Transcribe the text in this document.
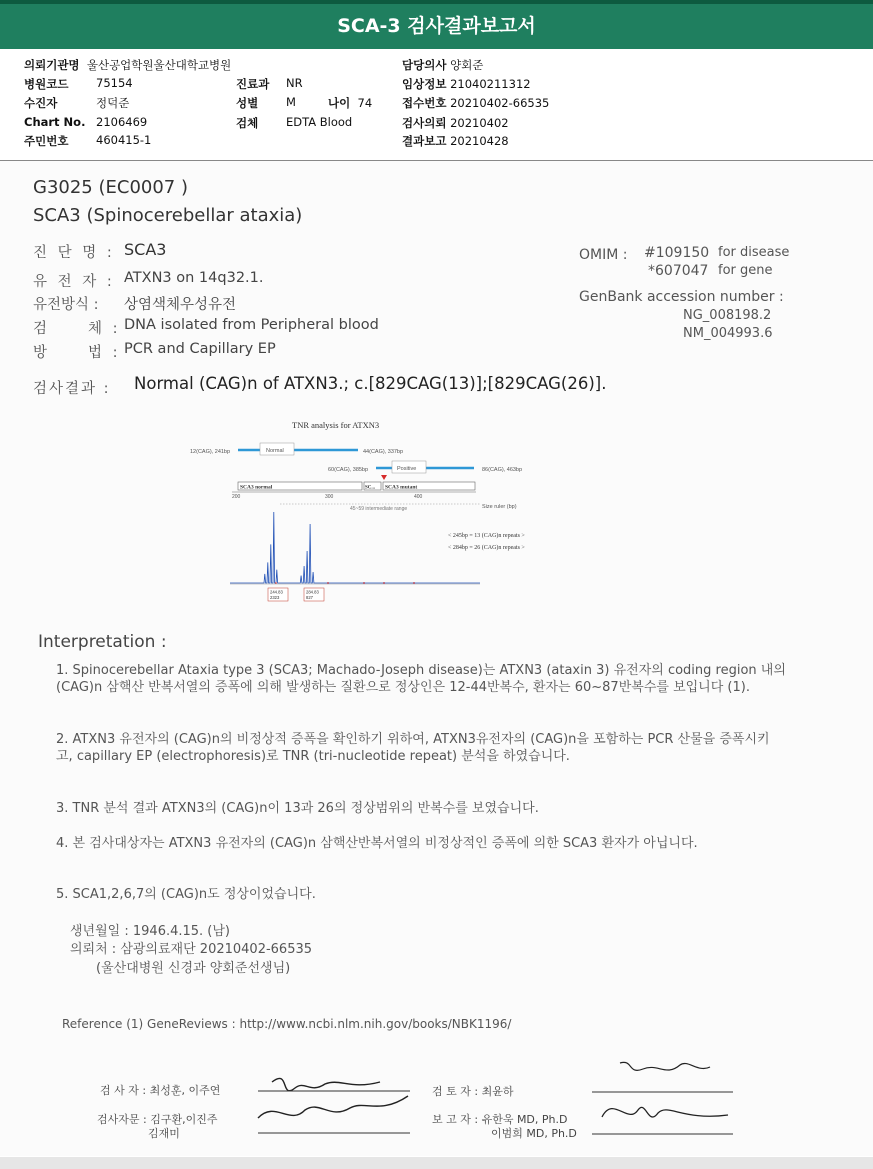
SCA-3 검사결과보고서
의뢰기관명 울산공업학원울산대학교병원
병원코드 75154
수진자	정덕준
Chart No. 2106469
주민번호 460415-1
진료과 NR
성별 M	나이 74
검체 EDTA Blood
담당의사 양회준
임상정보 21040211312
접수번호 20210402-66535
검사의뢰 20210402
결과보고 20210428
G3025 (EC0007 )
SCA3 (Spinocerebellar ataxia)
진 단 명 : SCA3
유 전 자 : ATXN3 on 14q32.1.
유전방식 : 상염색체우성유전
검     체 : DNA isolated from Peripheral blood
방     법 : PCR and Capillary EP
OMIM : #109150 for disease
*607047 for gene
GenBank accession number :
NG_008198.2
NM_004993.6
검사결과 : Normal (CAG)n of ATXN3.; c.[829CAG(13)];[829CAG(26)].
TNR analysis for ATXN3
12(CAG), 241bp	Normal	44(CAG), 337bp
60(CAG), 385bp	Positive	86(CAG), 463bp
SCA3 normal	SC... SCA3 mutant
200	300	400
Size ruler (bp)
45~59 intermediate range
< 245bp = 13 (CAG)n repeats >
< 284bp = 26 (CAG)n repeats >
244.83
2323
284.83
827
Interpretation :
1. Spinocerebellar Ataxia type 3 (SCA3; Machado-Joseph disease)는 ATXN3 (ataxin 3) 유전자의 coding region 내의 (CAG)n 삼핵산 반복서열의 증폭에 의해 발생하는 질환으로 정상인은 12-44반복수, 환자는 60~87반복수를 보입니다 (1).
2. ATXN3 유전자의 (CAG)n의 비정상적 증폭을 확인하기 위하여, ATXN3유전자의 (CAG)n을 포함하는 PCR 산물을 증폭시키고, capillary EP (electrophoresis)로 TNR (tri-nucleotide repeat) 분석을 하였습니다.
3. TNR 분석 결과 ATXN3의 (CAG)n이 13과 26의 정상범위의 반복수를 보였습니다.
4. 본 검사대상자는 ATXN3 유전자의 (CAG)n 삼핵산반복서열의 비정상적인 증폭에 의한 SCA3 환자가 아닙니다.
5. SCA1,2,6,7의 (CAG)n도 정상이었습니다.
생년월일 : 1946.4.15. (남)
의뢰처 : 삼광의료재단 20210402-66535
(울산대병원 신경과 양회준선생님)
Reference (1) GeneReviews : http://www.ncbi.nlm.nih.gov/books/NBK1196/
검 사 자 : 최성훈, 이주연
검사자문 : 김구환,이진주
김재미
검 토 자 : 최윤하
보 고 자 : 유한욱 MD, Ph.D
이범희 MD, Ph.D
